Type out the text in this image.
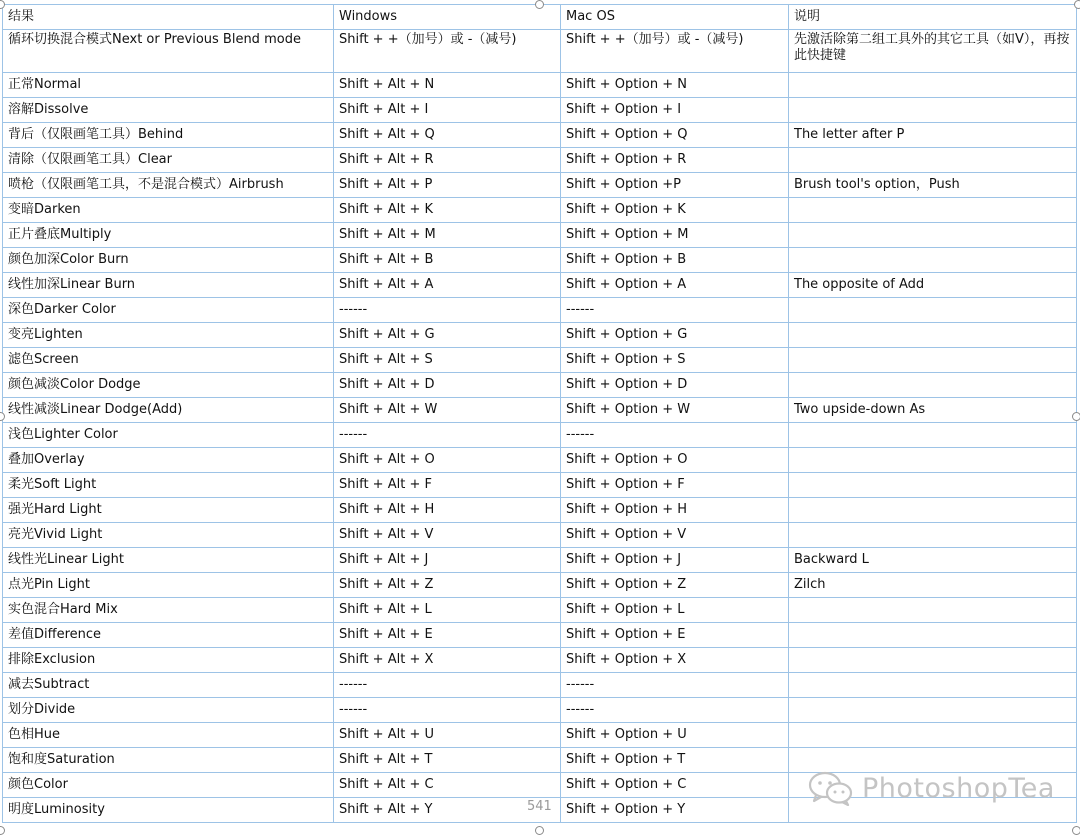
结果	Windows	Mac OS	说明
循环切换混合模式Next or Previous Blend mode	Shift + +（加号）或 -（减号)	Shift + +（加号）或 -（减号)	先激活除第二组工具外的其它工具（如V），再按此快捷键
正常Normal	Shift + Alt + N	Shift + Option + N	
溶解Dissolve	Shift + Alt + I	Shift + Option + I	
背后（仅限画笔工具）Behind	Shift + Alt + Q	Shift + Option + Q	The letter after P
清除（仅限画笔工具）Clear	Shift + Alt + R	Shift + Option + R	
喷枪（仅限画笔工具，不是混合模式）Airbrush	Shift + Alt + P	Shift + Option +P	Brush tool's option，Push
变暗Darken	Shift + Alt + K	Shift + Option + K	
正片叠底Multiply	Shift + Alt + M	Shift + Option + M	
颜色加深Color Burn	Shift + Alt + B	Shift + Option + B	
线性加深Linear Burn	Shift + Alt + A	Shift + Option + A	The opposite of Add
深色Darker Color	------	------	
变亮Lighten	Shift + Alt + G	Shift + Option + G	
滤色Screen	Shift + Alt + S	Shift + Option + S	
颜色减淡Color Dodge	Shift + Alt + D	Shift + Option + D	
线性减淡Linear Dodge(Add)	Shift + Alt + W	Shift + Option + W	Two upside-down As
浅色Lighter Color	------	------	
叠加Overlay	Shift + Alt + O	Shift + Option + O	
柔光Soft Light	Shift + Alt + F	Shift + Option + F	
强光Hard Light	Shift + Alt + H	Shift + Option + H	
亮光Vivid Light	Shift + Alt + V	Shift + Option + V	
线性光Linear Light	Shift + Alt + J	Shift + Option + J	Backward L
点光Pin Light	Shift + Alt + Z	Shift + Option + Z	Zilch
实色混合Hard Mix	Shift + Alt + L	Shift + Option + L	
差值Difference	Shift + Alt + E	Shift + Option + E	
排除Exclusion	Shift + Alt + X	Shift + Option + X	
减去Subtract	------	------	
划分Divide	------	------	
色相Hue	Shift + Alt + U	Shift + Option + U	
饱和度Saturation	Shift + Alt + T	Shift + Option + T	
颜色Color	Shift + Alt + C	Shift + Option + C	
明度Luminosity	Shift + Alt + Y	Shift + Option + Y	
541
PhotoshopTea
